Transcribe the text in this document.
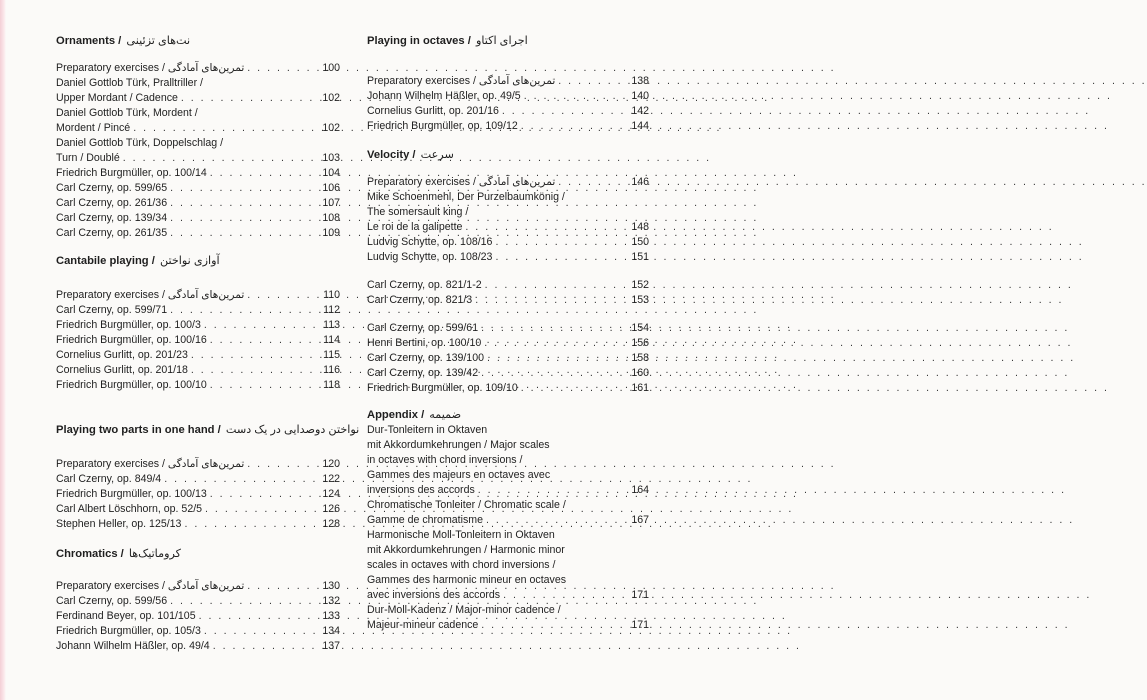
Ornaments / نت‌های تزئینی
Preparatory exercises / تمرین‌های آمادگی . . .	100
Daniel Gottlob Türk, Pralltriller /
Upper Mordant / Cadence . . .	102
Daniel Gottlob Türk, Mordent /
Mordent / Pincé . . .	102
Daniel Gottlob Türk, Doppelschlag /
Turn / Doublé . . .	103
Friedrich Burgmüller, op. 100/14 . . .	104
Carl Czerny, op. 599/65 . . .	106
Carl Czerny, op. 261/36 . . .	107
Carl Czerny, op. 139/34 . . .	108
Carl Czerny, op. 261/35 . . .	109
Cantabile playing / آوازی نواختن
Preparatory exercises / تمرین‌های آمادگی . . .	110
Carl Czerny, op. 599/71 . . .	112
Friedrich Burgmüller, op. 100/3 . . .	113
Friedrich Burgmüller, op. 100/16 . . .	114
Cornelius Gurlitt, op. 201/23 . . .	115
Cornelius Gurlitt, op. 201/18 . . .	116
Friedrich Burgmüller, op. 100/10 . . .	118
Playing two parts in one hand / نواختن دوصدایی در یک دست
Preparatory exercises / تمرین‌های آمادگی . . .	120
Carl Czerny, op. 849/4 . . .	122
Friedrich Burgmüller, op. 100/13 . . .	124
Carl Albert Löschhorn, op. 52/5 . . .	126
Stephen Heller, op. 125/13 . . .	128
Chromatics / کروماتیک‌ها
Preparatory exercises / تمرین‌های آمادگی . . .	130
Carl Czerny, op. 599/56 . . .	132
Ferdinand Beyer, op. 101/105 . . .	133
Friedrich Burgmüller, op. 105/3 . . .	134
Johann Wilhelm Häßler, op. 49/4 . . .	137
Playing in octaves / اجرای اکتاو
Preparatory exercises / تمرین‌های آمادگی . . .	138
Johann Wilhelm Häßler, op. 49/5 . . .	140
Cornelius Gurlitt, op. 201/16 . . .	142
Friedrich Burgmüller, op. 109/12 . . .	144
Velocity / سرعت
Preparatory exercises / تمرین‌های آمادگی . . .	146
Mike Schoenmehl, Der Purzelbaumkönig /
The somersault king /
Le roi de la galipette . . .	148
Ludvig Schytte, op. 108/16 . . .	150
Ludvig Schytte, op. 108/23 . . .	151
Carl Czerny, op. 821/1-2 . . .	152
Carl Czerny, op. 821/3 . . .	153
Carl Czerny, op. 599/61 . . .	154
Henri Bertini, op. 100/10 . . .	156
Carl Czerny, op. 139/100 . . .	158
Carl Czerny, op. 139/42 . . .	160
Friedrich Burgmüller, op. 109/10 . . .	161
Appendix / ضمیمه
Dur-Tonleitern in Oktaven
mit Akkordumkehrungen / Major scales
in octaves with chord inversions /
Gammes des majeurs en octaves avec
inversions des accords . . .	164
Chromatische Tonleiter / Chromatic scale /
Gamme de chromatisme . . .	167
Harmonische Moll-Tonleitern in Oktaven
mit Akkordumkehrungen / Harmonic minor
scales in octaves with chord inversions /
Gammes des harmonic mineur en octaves
avec inversions des accords . . .	171
Dur-Moll-Kadenz / Major-minor cadence /
Majeur-mineur cadence . . .	171
